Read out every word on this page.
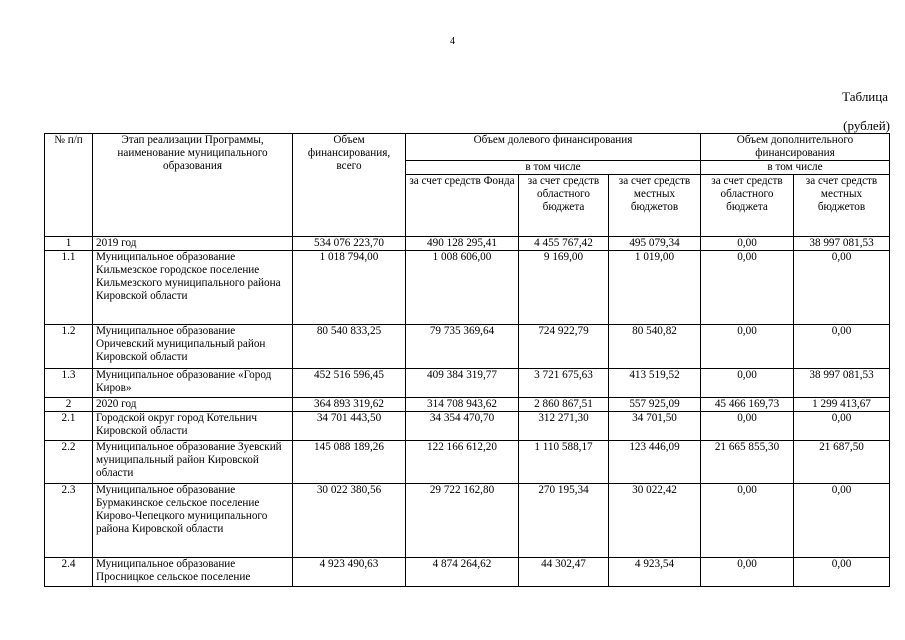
4
Таблица
(рублей)
№ п/п	Этап реализации Программы, наименование муниципального образования	Объем финансирования, всего	Объем долевого финансирования			Объем дополнительного финансирования	
			в том числе			в том числе	
			за счет средств Фонда	за счет средств областного бюджета	за счет средств местных бюджетов	за счет средств областного бюджета	за счет средств местных бюджетов
1	2019 год	534 076 223,70	490 128 295,41	4 455 767,42	495 079,34	0,00	38 997 081,53
1.1	Муниципальное образование Кильмезское городское поселение Кильмезского муниципального района Кировской области	1 018 794,00	1 008 606,00	9 169,00	1 019,00	0,00	0,00
1.2	Муниципальное образование Оричевский муниципальный район Кировской области	80 540 833,25	79 735 369,64	724 922,79	80 540,82	0,00	0,00
1.3	Муниципальное образование «Город Киров»	452 516 596,45	409 384 319,77	3 721 675,63	413 519,52	0,00	38 997 081,53
2	2020 год	364 893 319,62	314 708 943,62	2 860 867,51	557 925,09	45 466 169,73	1 299 413,67
2.1	Городской округ город Котельнич Кировской области	34 701 443,50	34 354 470,70	312 271,30	34 701,50	0,00	0,00
2.2	Муниципальное образование Зуевский муниципальный район Кировской области	145 088 189,26	122 166 612,20	1 110 588,17	123 446,09	21 665 855,30	21 687,50
2.3	Муниципальное образование Бурмакинское сельское поселение Кирово-Чепецкого муниципального района Кировской области	30 022 380,56	29 722 162,80	270 195,34	30 022,42	0,00	0,00
2.4	Муниципальное образование Просницкое сельское поселение	4 923 490,63	4 874 264,62	44 302,47	4 923,54	0,00	0,00
